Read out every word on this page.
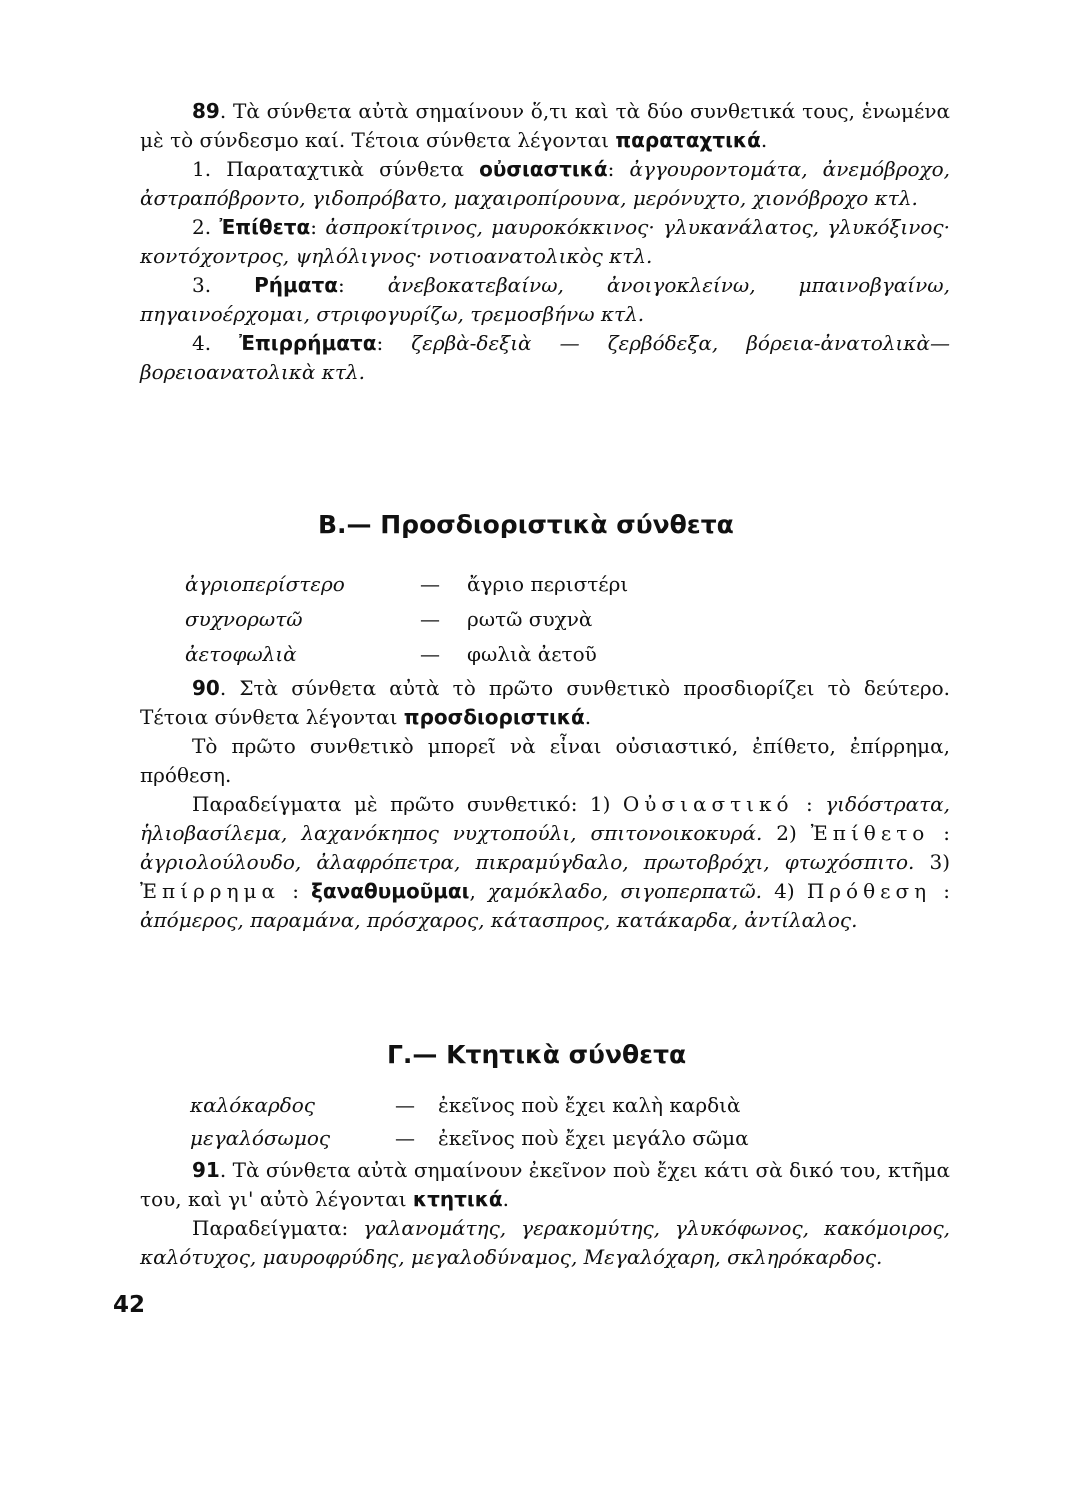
89. Τὰ σύνθετα αὐτὰ σημαίνουν ὅ,τι καὶ τὰ δύο συνθετικά τους, ἑνωμένα μὲ τὸ σύνδεσμο καί. Τέτοια σύνθετα λέγονται παραταχτικά.

1. Παραταχτικὰ σύνθετα οὐσιαστικά: ἀγγουροντομάτα, ἀνεμόβροχο, ἀστραπόβροντο, γιδοπρόβατο, μαχαιροπίρουνα, μερόνυχτο, χιονόβροχο κτλ.

2. Ἐπίθετα: ἀσπροκίτρινος, μαυροκόκκινος· γλυκανάλατος, γλυκόξινος· κοντόχοντρος, ψηλόλιγνος· νοτιοανατολικὸς κτλ.

3. Ρήματα: ἀνεβοκατεβαίνω, ἀνοιγοκλείνω, μπαινοβγαίνω, πηγαινοέρχομαι, στριφογυρίζω, τρεμοσβήνω κτλ.

4. Ἐπιρρήματα: ζερβὰ-δεξιὰ — ζερβόδεξα, βόρεια-ἀνατολικὰ— βορειοανατολικὰ κτλ.

Β.— Προσδιοριστικὰ σύνθετα
ἀγριοπερίστερο	— ἄγριο περιστέρι
συχνορωτῶ	— ρωτῶ συχνὰ
ἀετοφωλιὰ	— φωλιὰ ἀετοῦ

90. Στὰ σύνθετα αὐτὰ τὸ πρῶτο συνθετικὸ προσδιορίζει τὸ δεύτερο. Τέτοια σύνθετα λέγονται προσδιοριστικά.

Τὸ πρῶτο συνθετικὸ μπορεῖ νὰ εἶναι οὐσιαστικό, ἐπίθετο, ἐπίρρημα, πρόθεση.

Παραδείγματα μὲ πρῶτο συνθετικό: 1) Οὐσιαστικό : γιδόστρατα, ἡλιοβασίλεμα, λαχανόκηπος νυχτοπούλι, σπιτονοικοκυρά. 2) Ἐπίθετο : ἀγριολούλουδο, ἀλαφρόπετρα, πικραμύγδαλο, πρωτοβρόχι, φτωχόσπιτο. 3) Ἐπίρρημα : ξαναθυμοῦμαι, χαμόκλαδο, σιγοπερπατῶ. 4) Πρόθεση : ἀπόμερος, παραμάνα, πρόσχαρος, κάτασπρος, κατάκαρδα, ἀντίλαλος.

Γ.— Κτητικὰ σύνθετα
καλόκαρδος	— ἐκεῖνος ποὺ ἔχει καλὴ καρδιὰ
μεγαλόσωμος	— ἐκεῖνος ποὺ ἔχει μεγάλο σῶμα

91. Τὰ σύνθετα αὐτὰ σημαίνουν ἐκεῖνον ποὺ ἔχει κάτι σὰ δικό του, κτῆμα του, καὶ γι' αὐτὸ λέγονται κτητικά.

Παραδείγματα: γαλανομάτης, γερακομύτης, γλυκόφωνος, κακόμοιρος, καλότυχος, μαυροφρύδης, μεγαλοδύναμος, Μεγαλόχαρη, σκληρόκαρδος.

42
